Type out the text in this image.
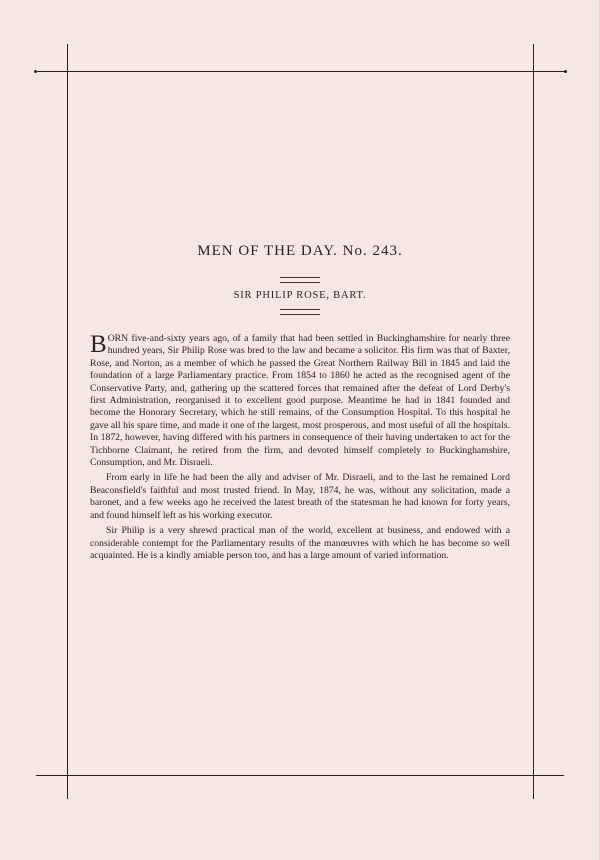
MEN OF THE DAY. No. 243.
SIR PHILIP ROSE, BART.

BORN five-and-sixty years ago, of a family that had been settled in Buckinghamshire for nearly three hundred years, Sir Philip Rose was bred to the law and became a solicitor. His firm was that of Baxter, Rose, and Norton, as a member of which he passed the Great Northern Railway Bill in 1845 and laid the foundation of a large Parliamentary practice. From 1854 to 1860 he acted as the recognised agent of the Conservative Party, and, gathering up the scattered forces that remained after the defeat of Lord Derby's first Administration, reorganised it to excellent good purpose. Meantime he had in 1841 founded and become the Honorary Secretary, which he still remains, of the Consumption Hospital. To this hospital he gave all his spare time, and made it one of the largest, most prosperous, and most useful of all the hospitals. In 1872, however, having differed with his partners in consequence of their having undertaken to act for the Tichborne Claimant, he retired from the firm, and devoted himself completely to Buckinghamshire, Consumption, and Mr. Disraeli.

From early in life he had been the ally and adviser of Mr. Disraeli, and to the last he remained Lord Beaconsfield's faithful and most trusted friend. In May, 1874, he was, without any solicitation, made a baronet, and a few weeks ago he received the latest breath of the statesman he had known for forty years, and found himself left as his working executor.

Sir Philip is a very shrewd practical man of the world, excellent at business, and endowed with a considerable contempt for the Parliamentary results of the manœuvres with which he has become so well acquainted. He is a kindly amiable person too, and has a large amount of varied information.
